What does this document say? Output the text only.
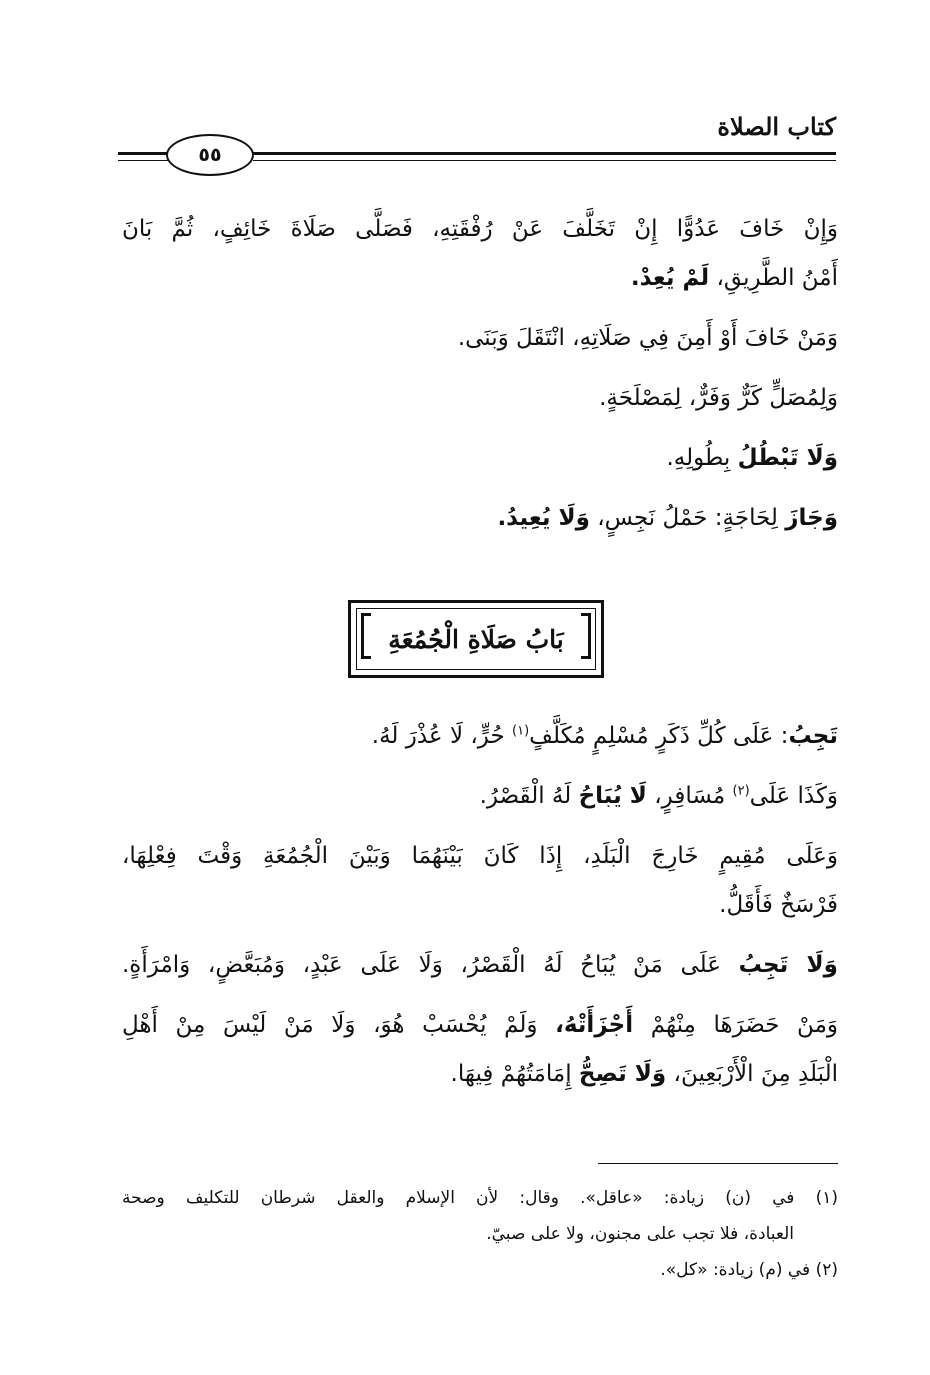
كتاب الصلاة
٥٥
وَإِنْ خَافَ عَدُوًّا إِنْ تَخَلَّفَ عَنْ رُفْقَتِهِ، فَصَلَّى صَلَاةَ خَائِفٍ، ثُمَّ بَانَ
أَمْنُ الطَّرِيقِ، لَمْ يُعِدْ.
وَمَنْ خَافَ أَوْ أَمِنَ فِي صَلَاتِهِ، انْتَقَلَ وَبَنَى.
وَلِمُصَلٍّ كَرٌّ وَفَرٌّ، لِمَصْلَحَةٍ.
وَلَا تَبْطُلُ بِطُولِهِ.
وَجَازَ لِحَاجَةٍ: حَمْلُ نَجِسٍ، وَلَا يُعِيدُ.
بَابُ صَلَاةِ الْجُمُعَةِ
تَجِبُ: عَلَى كُلِّ ذَكَرٍ مُسْلِمٍ مُكَلَّفٍ$^{(١)}$ حُرٍّ، لَا عُذْرَ لَهُ.
وَكَذَا عَلَى$^{(٢)}$ مُسَافِرٍ، لَا يُبَاحُ لَهُ الْقَصْرُ.
وَعَلَى مُقِيمٍ خَارِجَ الْبَلَدِ، إِذَا كَانَ بَيْنَهُمَا وَبَيْنَ الْجُمُعَةِ وَقْتَ فِعْلِهَا،
فَرْسَخٌ فَأَقَلُّ.
وَلَا تَجِبُ عَلَى مَنْ يُبَاحُ لَهُ الْقَصْرُ، وَلَا عَلَى عَبْدٍ، وَمُبَعَّضٍ، وَامْرَأَةٍ.
وَمَنْ حَضَرَهَا مِنْهُمْ أَجْزَأَتْهُ، وَلَمْ يُحْسَبْ هُوَ، وَلَا مَنْ لَيْسَ مِنْ أَهْلِ
الْبَلَدِ مِنَ الْأَرْبَعِينَ، وَلَا تَصِحُّ إِمَامَتُهُمْ فِيهَا.
(١) في (ن) زيادة: «عاقل». وقال: لأن الإسلام والعقل شرطان للتكليف وصحة
العبادة، فلا تجب على مجنون، ولا على صبيّ.
(٢) في (م) زيادة: «كل».
